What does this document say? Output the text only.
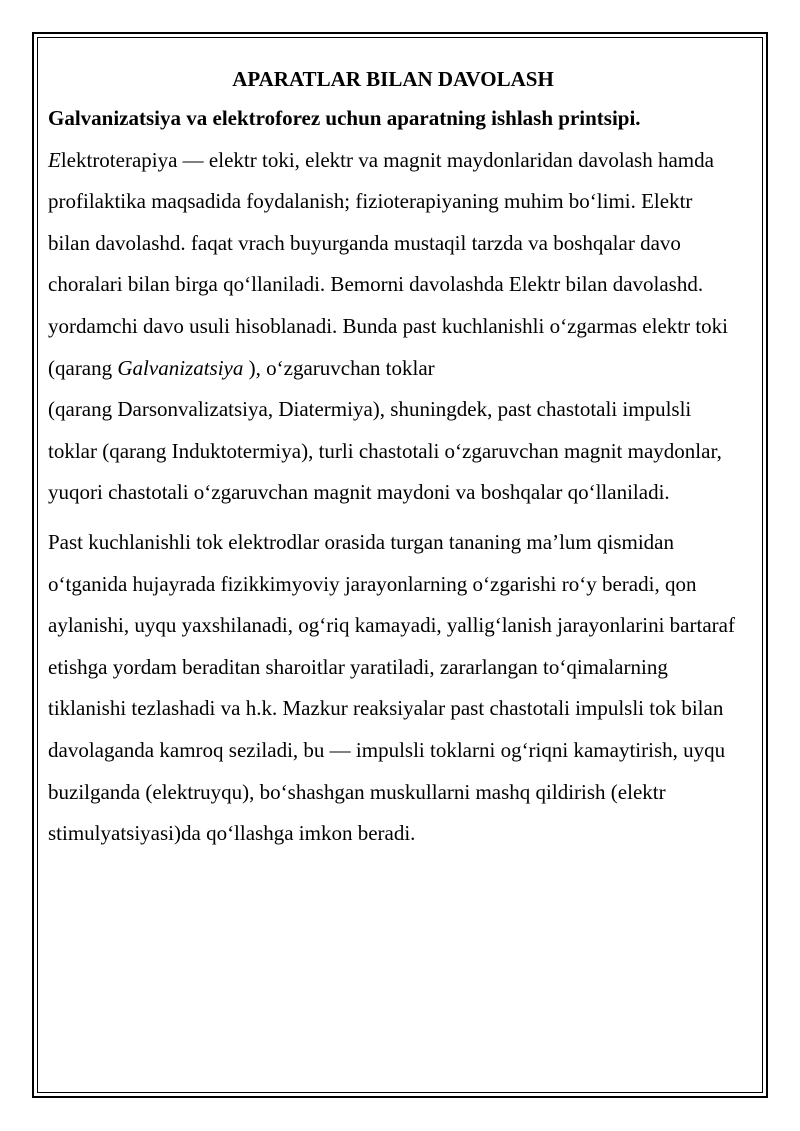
APARATLAR BILAN DAVOLASH

Galvanizatsiya va elektroforez uchun aparatning ishlash printsipi. Elektroterapiya — elektr toki, elektr va magnit maydonlaridan davolash hamda profilaktika maqsadida foydalanish; fizioterapiyaning muhim boʻlimi. Elektr bilan davolashd. faqat vrach buyurganda mustaqil tarzda va boshqalar davo choralari bilan birga qoʻllaniladi. Bemorni davolashda Elektr bilan davolashd. yordamchi davo usuli hisoblanadi. Bunda past kuchlanishli oʻzgarmas elektr toki (qarang Galvanizatsiya ), oʻzgaruvchan toklar
(qarang Darsonvalizatsiya, Diatermiya), shuningdek, past chastotali impulsli toklar (qarang Induktotermiya), turli chastotali oʻzgaruvchan magnit maydonlar, yuqori chastotali oʻzgaruvchan magnit maydoni va boshqalar qoʻllaniladi.

Past kuchlanishli tok elektrodlar orasida turgan tananing maʼlum qismidan oʻtganida hujayrada fizikkimyoviy jarayonlarning oʻzgarishi roʻy beradi, qon aylanishi, uyqu yaxshilanadi, ogʻriq kamayadi, yalligʻlanish jarayonlarini bartaraf etishga yordam beraditan sharoitlar yaratiladi, zararlangan toʻqimalarning tiklanishi tezlashadi va h.k. Mazkur reaksiyalar past chastotali impulsli tok bilan davolaganda kamroq seziladi, bu — impulsli toklarni ogʻriqni kamaytirish, uyqu buzilganda (elektruyqu), boʻshashgan muskullarni mashq qildirish (elektr stimulyatsiyasi)da qoʻllashga imkon beradi.
